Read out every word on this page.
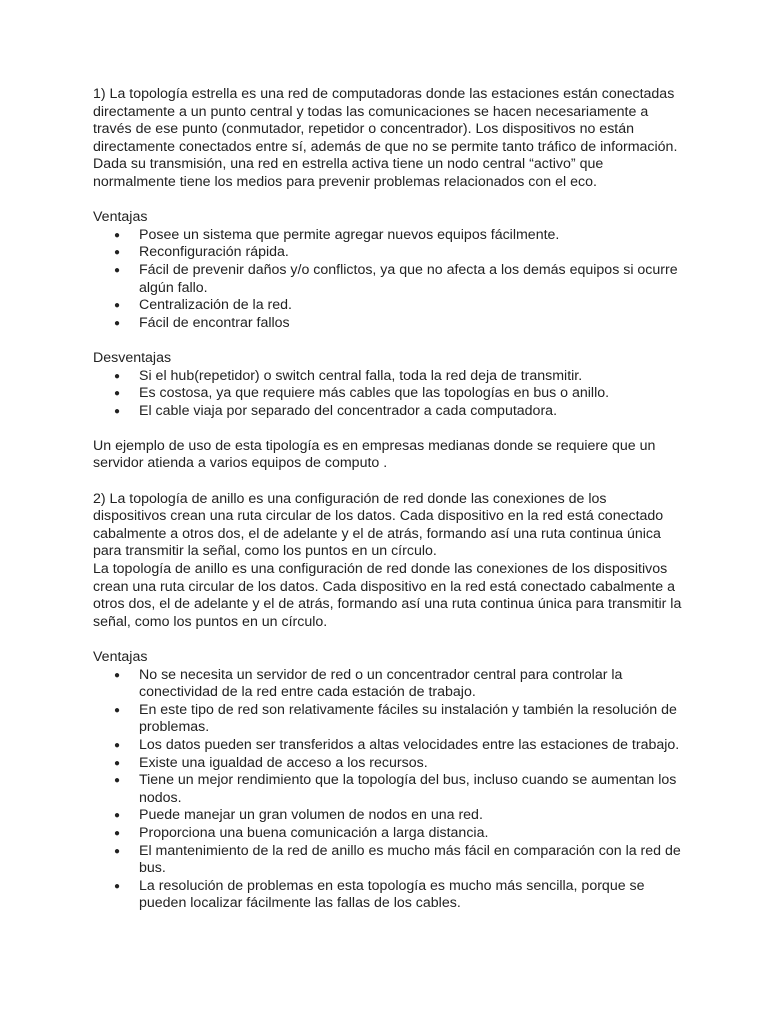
1) La topología estrella es una red de computadoras donde las estaciones están conectadas directamente a un punto central y todas las comunicaciones se hacen necesariamente a través de ese punto (conmutador, repetidor o concentrador). Los dispositivos no están directamente conectados entre sí, además de que no se permite tanto tráfico de información. Dada su transmisión, una red en estrella activa tiene un nodo central “activo” que normalmente tiene los medios para prevenir problemas relacionados con el eco.

Ventajas

● Posee un sistema que permite agregar nuevos equipos fácilmente.
● Reconfiguración rápida.
● Fácil de prevenir daños y/o conflictos, ya que no afecta a los demás equipos si ocurre algún fallo.
● Centralización de la red.
● Fácil de encontrar fallos

Desventajas

● Si el hub(repetidor) o switch central falla, toda la red deja de transmitir.
● Es costosa, ya que requiere más cables que las topologías en bus o anillo.
● El cable viaja por separado del concentrador a cada computadora.

Un ejemplo de uso de esta tipología es en empresas medianas donde se requiere que un servidor atienda a varios equipos de computo .

2) La topología de anillo es una configuración de red donde las conexiones de los dispositivos crean una ruta circular de los datos. Cada dispositivo en la red está conectado cabalmente a otros dos, el de adelante y el de atrás, formando así una ruta continua única para transmitir la señal, como los puntos en un círculo.

La topología de anillo es una configuración de red donde las conexiones de los dispositivos crean una ruta circular de los datos. Cada dispositivo en la red está conectado cabalmente a otros dos, el de adelante y el de atrás, formando así una ruta continua única para transmitir la señal, como los puntos en un círculo.

Ventajas

● No se necesita un servidor de red o un concentrador central para controlar la conectividad de la red entre cada estación de trabajo.
● En este tipo de red son relativamente fáciles su instalación y también la resolución de problemas.
● Los datos pueden ser transferidos a altas velocidades entre las estaciones de trabajo.
● Existe una igualdad de acceso a los recursos.
● Tiene un mejor rendimiento que la topología del bus, incluso cuando se aumentan los nodos.
● Puede manejar un gran volumen de nodos en una red.
● Proporciona una buena comunicación a larga distancia.
● El mantenimiento de la red de anillo es mucho más fácil en comparación con la red de bus.
● La resolución de problemas en esta topología es mucho más sencilla, porque se pueden localizar fácilmente las fallas de los cables.
